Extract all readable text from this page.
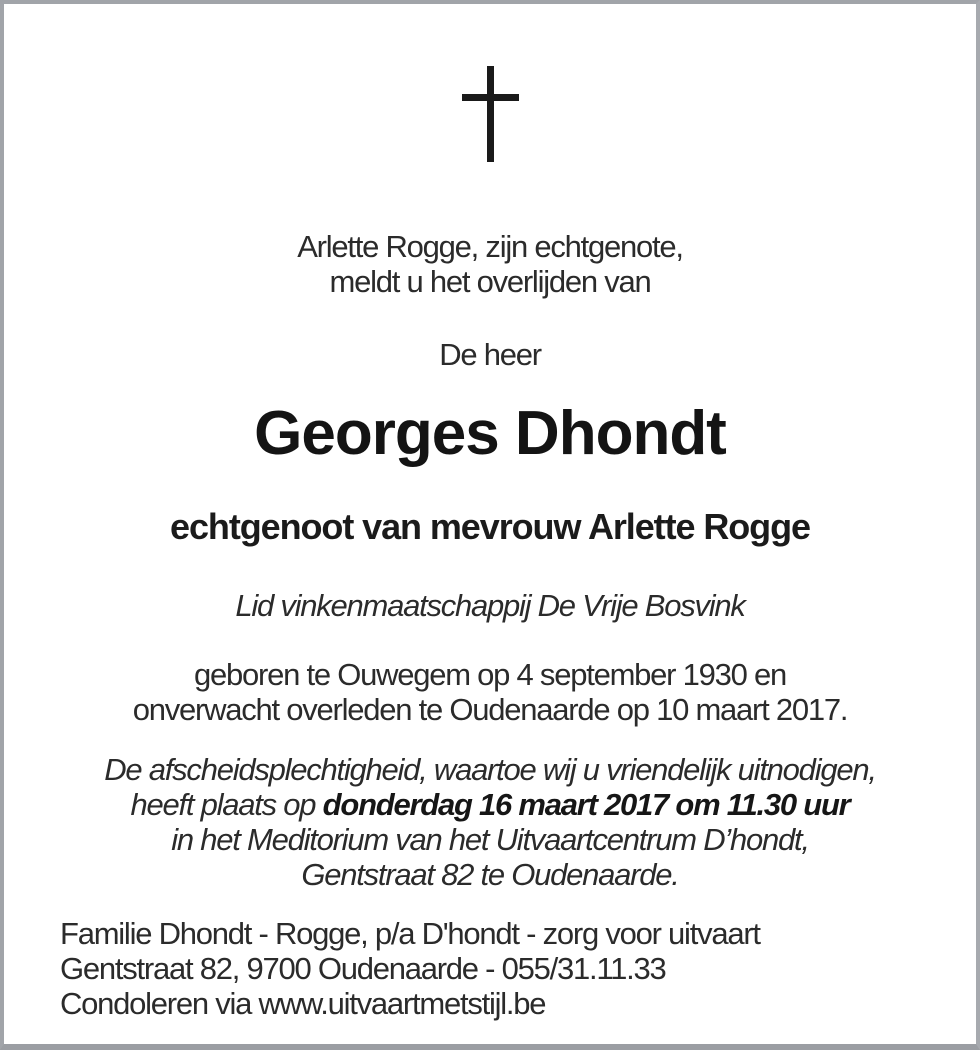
Arlette Rogge, zijn echtgenote,
meldt u het overlijden van
De heer
Georges Dhondt
echtgenoot van mevrouw Arlette Rogge
Lid vinkenmaatschappij De Vrije Bosvink
geboren te Ouwegem op 4 september 1930 en
onverwacht overleden te Oudenaarde op 10 maart 2017.
De afscheidsplechtigheid, waartoe wij u vriendelijk uitnodigen,
heeft plaats op donderdag 16 maart 2017 om 11.30 uur
in het Meditorium van het Uitvaartcentrum D’hondt,
Gentstraat 82 te Oudenaarde.
Familie Dhondt - Rogge, p/a D'hondt - zorg voor uitvaart
Gentstraat 82, 9700 Oudenaarde - 055/31.11.33
Condoleren via www.uitvaartmetstijl.be
